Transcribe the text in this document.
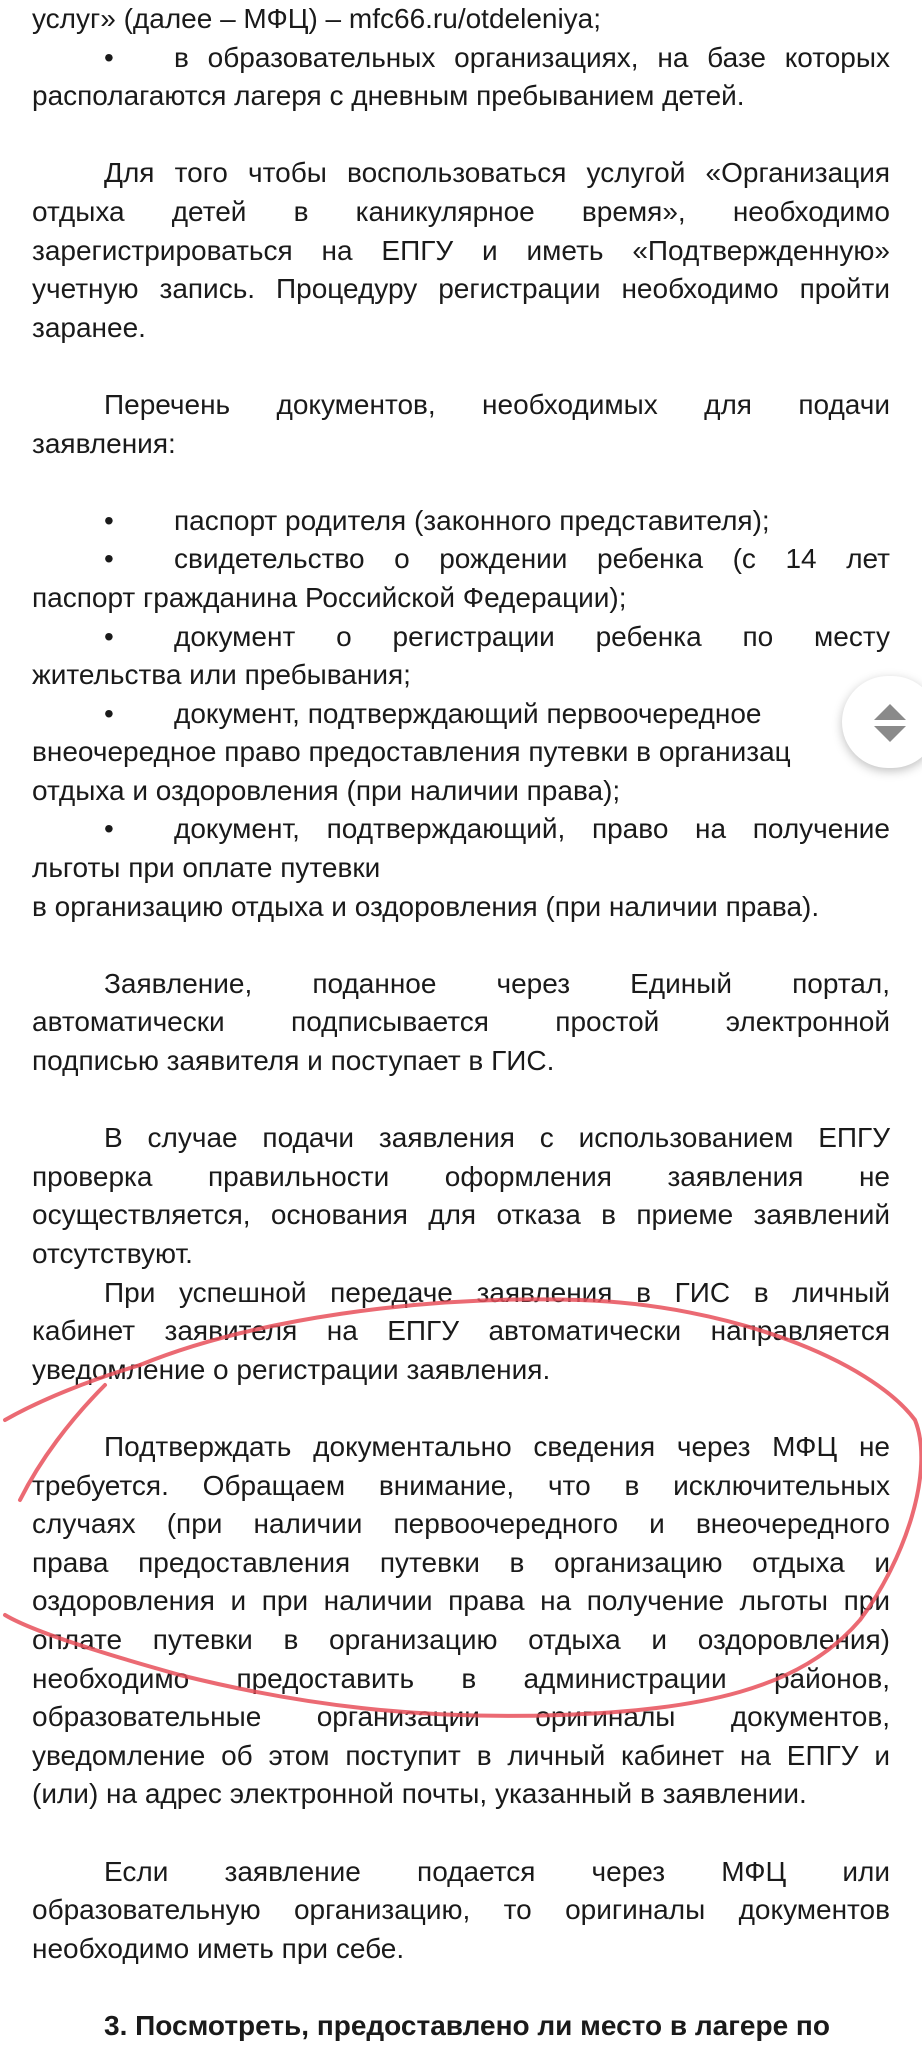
услуг» (далее – МФЦ) – mfc66.ru/otdeleniya;
• в образовательных организациях, на базе которых
располагаются лагеря с дневным пребыванием детей.
Для того чтобы воспользоваться услугой «Организация
отдыха детей в каникулярное время», необходимо
зарегистрироваться на ЕПГУ и иметь «Подтвержденную»
учетную запись. Процедуру регистрации необходимо пройти
заранее.
Перечень документов, необходимых для подачи
заявления:
• паспорт родителя (законного представителя);
• свидетельство о рождении ребенка (с 14 лет
паспорт гражданина Российской Федерации);
• документ о регистрации ребенка по месту
жительства или пребывания;
• документ, подтверждающий первоочередное
внеочередное право предоставления путевки в организац
отдыха и оздоровления (при наличии права);
• документ, подтверждающий, право на получение
льготы при оплате путевки
в организацию отдыха и оздоровления (при наличии права).
Заявление, поданное через Единый портал,
автоматически подписывается простой электронной
подписью заявителя и поступает в ГИС.
В случае подачи заявления с использованием ЕПГУ
проверка правильности оформления заявления не
осуществляется, основания для отказа в приеме заявлений
отсутствуют.
При успешной передаче заявления в ГИС в личный
кабинет заявителя на ЕПГУ автоматически направляется
уведомление о регистрации заявления.
Подтверждать документально сведения через МФЦ не
требуется. Обращаем внимание, что в исключительных
случаях (при наличии первоочередного и внеочередного
права предоставления путевки в организацию отдыха и
оздоровления и при наличии права на получение льготы при
оплате путевки в организацию отдыха и оздоровления)
необходимо предоставить в администрации районов,
образовательные организации оригиналы документов,
уведомление об этом поступит в личный кабинет на ЕПГУ и
(или) на адрес электронной почты, указанный в заявлении.
Если заявление подается через МФЦ или
образовательную организацию, то оригиналы документов
необходимо иметь при себе.
3. Посмотреть, предоставлено ли место в лагере по
